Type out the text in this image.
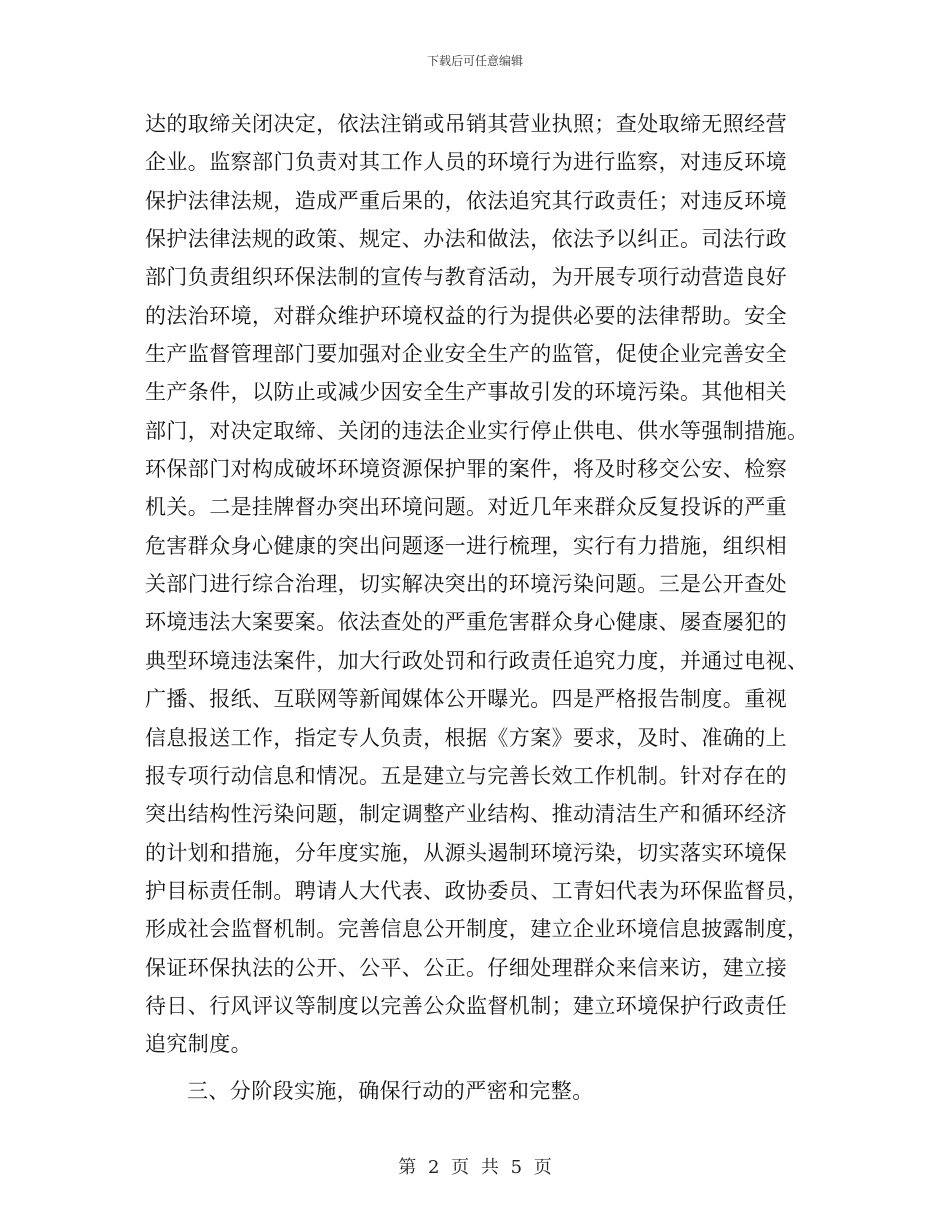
下载后可任意编辑
达的取缔关闭决定，依法注销或吊销其营业执照；查处取缔无照经营
企业。监察部门负责对其工作人员的环境行为进行监察，对违反环境
保护法律法规，造成严重后果的，依法追究其行政责任；对违反环境
保护法律法规的政策、规定、办法和做法，依法予以纠正。司法行政
部门负责组织环保法制的宣传与教育活动，为开展专项行动营造良好
的法治环境，对群众维护环境权益的行为提供必要的法律帮助。安全
生产监督管理部门要加强对企业安全生产的监管，促使企业完善安全
生产条件，以防止或减少因安全生产事故引发的环境污染。其他相关
部门，对决定取缔、关闭的违法企业实行停止供电、供水等强制措施。
环保部门对构成破坏环境资源保护罪的案件，将及时移交公安、检察
机关。二是挂牌督办突出环境问题。对近几年来群众反复投诉的严重
危害群众身心健康的突出问题逐一进行梳理，实行有力措施，组织相
关部门进行综合治理，切实解决突出的环境污染问题。三是公开查处
环境违法大案要案。依法查处的严重危害群众身心健康、屡查屡犯的
典型环境违法案件，加大行政处罚和行政责任追究力度，并通过电视、
广播、报纸、互联网等新闻媒体公开曝光。四是严格报告制度。重视
信息报送工作，指定专人负责，根据《方案》要求，及时、准确的上
报专项行动信息和情况。五是建立与完善长效工作机制。针对存在的
突出结构性污染问题，制定调整产业结构、推动清洁生产和循环经济
的计划和措施，分年度实施，从源头遏制环境污染，切实落实环境保
护目标责任制。聘请人大代表、政协委员、工青妇代表为环保监督员，
形成社会监督机制。完善信息公开制度，建立企业环境信息披露制度，
保证环保执法的公开、公平、公正。仔细处理群众来信来访，建立接
待日、行风评议等制度以完善公众监督机制；建立环境保护行政责任
追究制度。
三、分阶段实施，确保行动的严密和完整。
第 2 页 共 5 页
